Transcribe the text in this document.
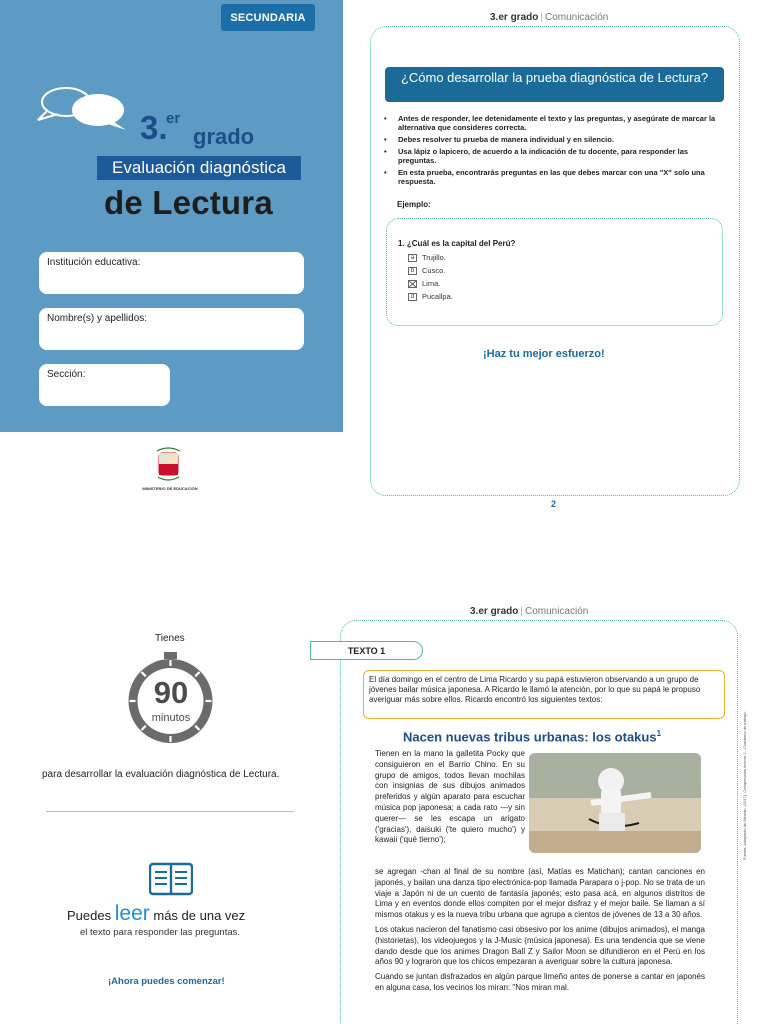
SECUNDARIA
3.
er
grado
Evaluación diagnóstica
de Lectura
Institución educativa:
Nombre(s) y apellidos:
Sección:
MINISTERIO DE EDUCACIÓN
3.er grado | Comunicación
¿Cómo desarrollar la prueba diagnóstica de Lectura?
• Antes de responder, lee detenidamente el texto y las preguntas, y asegúrate de marcar la alternativa que consideres correcta.
• Debes resolver tu prueba de manera individual y en silencio.
• Usa lápiz o lapicero, de acuerdo a la indicación de tu docente, para responder las preguntas.
• En esta prueba, encontrarás preguntas en las que debes marcar con una "X" solo una respuesta.
Ejemplo:
1. ¿Cuál es la capital del Perú?
a	Trujillo.
b	Cusco.
Lima.
d	Pucallpa.
¡Haz tu mejor esfuerzo!
2
Tienes
90
minutos
para desarrollar la evaluación diagnóstica de Lectura.
Puedes leer más de una vez
el texto para responder las preguntas.
¡Ahora puedes comenzar!
3.er grado | Comunicación
TEXTO 1
El día domingo en el centro de Lima Ricardo y su papá estuvieron observando a un grupo de jóvenes bailar música japonesa. A Ricardo le llamó la atención, por lo que su papá le propuso averiguar más sobre ellos. Ricardo encontró los siguientes textos:
Nacen nuevas tribus urbanas: los otakus$^1$
Tienen en la mano la galletita Pocky que consiguieron en el Barrio Chino. En su grupo de amigos, todos llevan mochilas con insignias de sus dibujos animados preferidos y algún aparato para escuchar música pop japonesa; a cada rato —y sin querer— se les escapa un arigato ('gracias'), daisuki ('te quiero mucho') y kawaii ('qué tierno');

se agregan -chan al final de su nombre (así, Matías es Matichan); cantan canciones en japonés, y bailan una danza tipo electrónica-pop llamada Parapara o j-pop. No se trata de un viaje a Japón ni de un cuento de fantasía japonés; esto pasa acá, en algunos distritos de Lima y en eventos donde ellos compiten por el mejor disfraz y el mejor baile. Se llaman a sí mismos otakus y es la nueva tribu urbana que agrupa a cientos de jóvenes de 13 a 30 años.

Los otakus nacieron del fanatismo casi obsesivo por los anime (dibujos animados), el manga (historietas), los videojuegos y la J-Music (música japonesa). Es una tendencia que se viene dando desde que los animes Dragon Ball Z y Sailor Moon se difundieron en el Perú en los años 90 y lograron que los chicos empezaran a averiguar sobre la cultura japonesa.

Cuando se juntan disfrazados en algún parque limeño antes de ponerse a cantar en japonés en alguna casa, los vecinos los miran: "Nos miran mal.

Fuente: Adaptado de Minedu. (2017). Comprensión lectora 2 - Cuaderno de trabajo.
